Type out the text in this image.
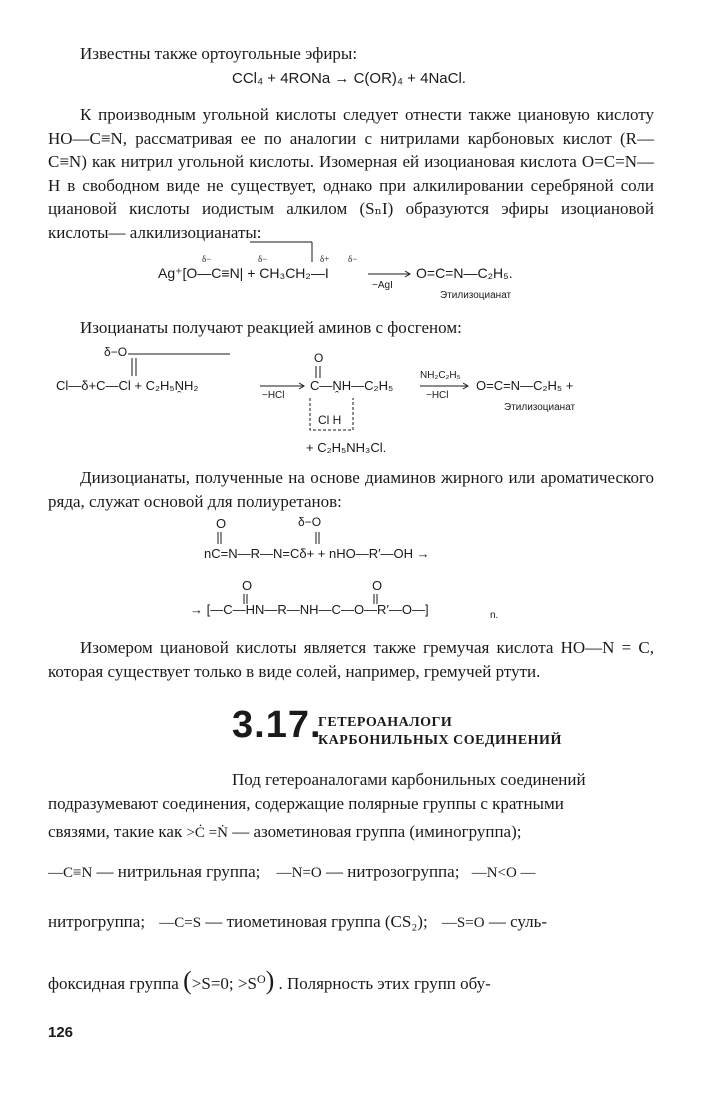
Известны также ортоугольные эфиры:

CCl₄ + 4RONa → C(OR)₄ + 4NaCl.

К производным угольной кислоты следует отнести также циановую кислоту HO—C≡N, рассматривая ее по аналогии с нитрилами карбоновых кислот (R—C≡N) как нитрил угольной кислоты. Изомерная ей изоциановая кислота O=C=N—H в свободном виде не существует, однако при алкилировании серебряной соли циановой кислоты иодистым алкилом (SₙI) образуются эфиры изоциановой кислоты— алкилизоцианаты:

δ−	δ−	δ+ δ−
Ag⁺[O—C≡N| + CH₃CH₂—I
−AgI
O=C=N—C₂H₅.
Этилизоцианат

Изоцианаты получают реакцией аминов с фосгеном:

δ−O
Cl—δ+C—Cl + C₂H₅ṊH₂
−HCl
O
C—ṊH—C₂H₅
Cl H
NH₂C₂H₅
−HCl
O=C=N—C₂H₅ +
Этилизоцианат
+ C₂H₅NH₃Cl.

Диизоцианаты, полученные на основе диаминов жирного или ароматического ряда, служат основой для полиуретанов:

O	δ−O
nC=N—R—N=Cδ+ + nHO—R′—OH →
O	O
→ [—C—HN—R—NH—C—O—R′—O—]	n.

Изомером циановой кислоты является также гремучая кислота HO—N = C, которая существует только в виде солей, например, гремучей ртути.

3.17.
ГЕТЕРОАНАЛОГИ
КАРБОНИЛЬНЫХ СОЕДИНЕНИЙ
Под гетероаналогами карбонильных соединений
подразумевают соединения, содержащие полярные группы с кратными
связями, такие как >Ċ =Ṅ — азометиновая группа (иминогруппа);
—C≡N — нитрильная группа; —N=O — нитрозогруппа; —N<O —
нитрогруппа; —C=S — тиометиновая группа (CS₂); —S=O — суль-
фоксидная группа (>S=0; $>S^O$) . Полярность этих групп обу-
126
